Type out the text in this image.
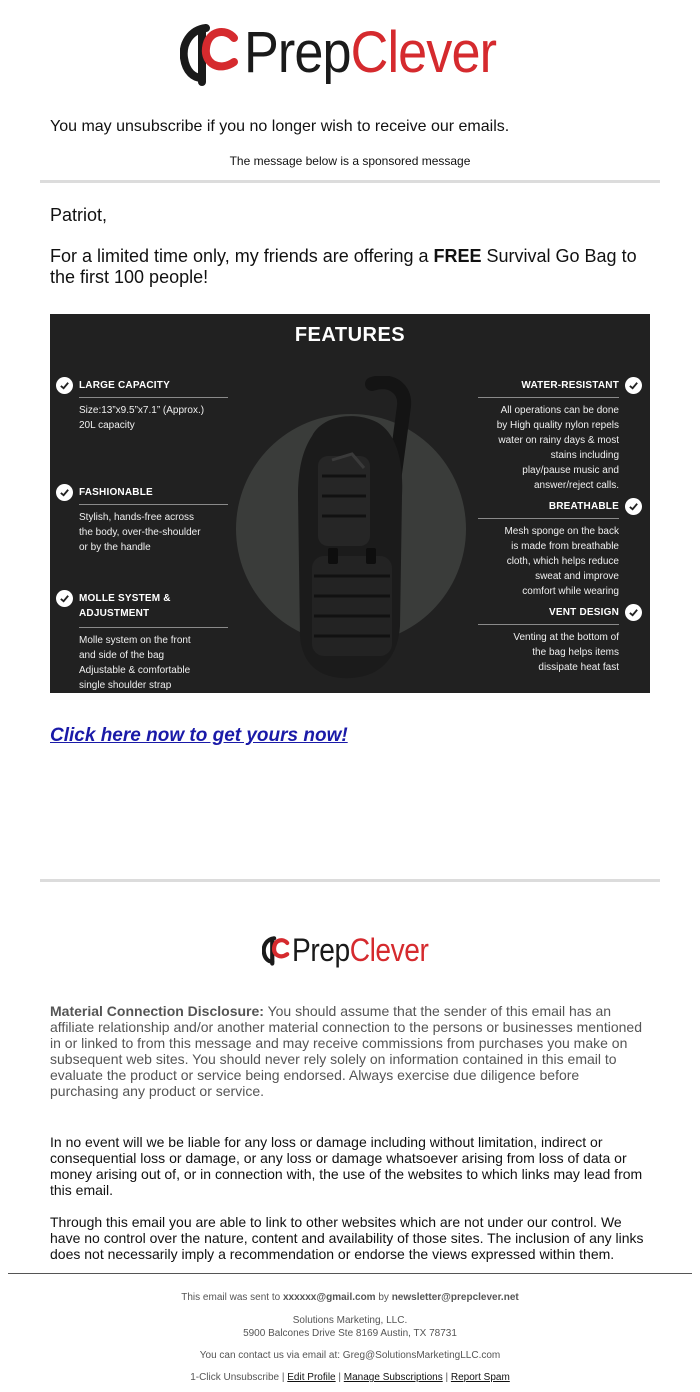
PrepClever
You may unsubscribe if you no longer wish to receive our emails.
The message below is a sponsored message
Patriot,
For a limited time only, my friends are offering a FREE Survival Go Bag to the first 100 people!
FEATURES
LARGE CAPACITY
Size:13”x9.5”x7.1” (Approx.)
20L capacity
FASHIONABLE
Stylish, hands-free across
the body, over-the-shoulder
or by the handle
MOLLE SYSTEM &
ADJUSTMENT
Molle system on the front
and side of the bag
Adjustable & comfortable
single shoulder strap
WATER-RESISTANT
All operations can be done
by High quality nylon repels
water on rainy days & most
stains including
play/pause music and
answer/reject calls.
BREATHABLE
Mesh sponge on the back
is made from breathable
cloth, which helps reduce
sweat and improve
comfort while wearing
VENT DESIGN
Venting at the bottom of
the bag helps items
dissipate heat fast
Click here now to get yours now!
PrepClever
Material Connection Disclosure: You should assume that the sender of this email has an affiliate relationship and/or another material connection to the persons or businesses mentioned in or linked to from this message and may receive commissions from purchases you make on subsequent web sites. You should never rely solely on information contained in this email to evaluate the product or service being endorsed. Always exercise due diligence before purchasing any product or service.
In no event will we be liable for any loss or damage including without limitation, indirect or consequential loss or damage, or any loss or damage whatsoever arising from loss of data or money arising out of, or in connection with, the use of the websites to which links may lead from this email.
Through this email you are able to link to other websites which are not under our control. We have no control over the nature, content and availability of those sites. The inclusion of any links does not necessarily imply a recommendation or endorse the views expressed within them.
This email was sent to xxxxxx@gmail.com by newsletter@prepclever.net
Solutions Marketing, LLC.
5900 Balcones Drive Ste 8169 Austin, TX 78731
You can contact us via email at: Greg@SolutionsMarketingLLC.com
1-Click Unsubscribe | Edit Profile | Manage Subscriptions | Report Spam
